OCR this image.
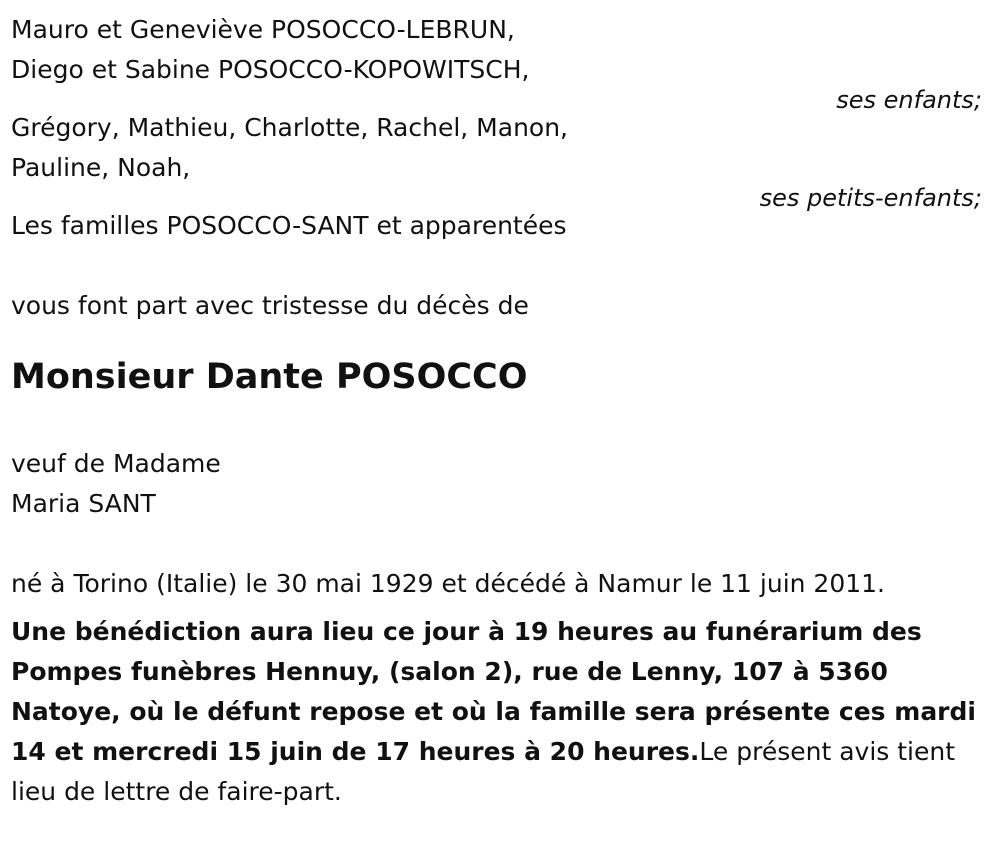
Mauro et Geneviève POSOCCO-LEBRUN,
Diego et Sabine POSOCCO-KOPOWITSCH,
ses enfants;
Grégory, Mathieu, Charlotte, Rachel, Manon,
Pauline, Noah,
ses petits-enfants;
Les familles POSOCCO-SANT et apparentées
vous font part avec tristesse du décès de
Monsieur Dante POSOCCO
veuf de Madame
Maria SANT
né à Torino (Italie) le 30 mai 1929 et décédé à Namur le 11 juin 2011.
Une bénédiction aura lieu ce jour à 19 heures au funérarium des Pompes funèbres Hennuy, (salon 2), rue de Lenny, 107 à 5360 Natoye, où le défunt repose et où la famille sera présente ces mardi 14 et mercredi 15 juin de 17 heures à 20 heures.Le présent avis tient lieu de lettre de faire-part.
